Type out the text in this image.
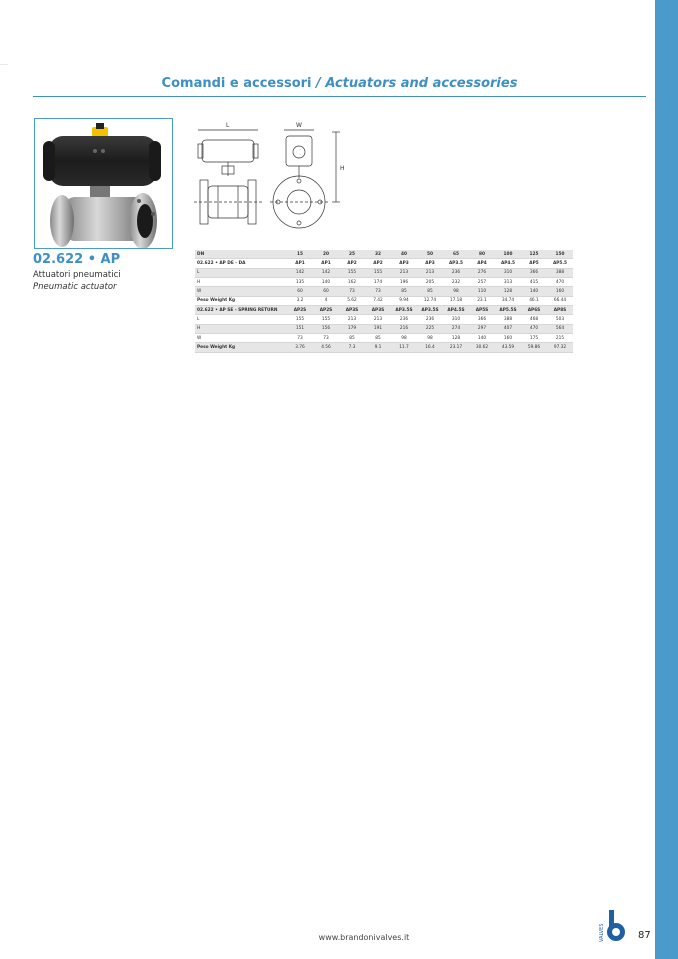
Comandi e accessori / Actuators and accessories
L	W
H
02.622 • AP
Attuatori pneumatici
Pneumatic actuator
DN	15	20	25	32	40	50	65	80	100	125	150
02.622 • AP DE - DA	AP1	AP1	AP2	AP2	AP3	AP3	AP3.5	AP4	AP4.5	AP5	AP5.5
L	142	142	155	155	213	213	236	276	310	366	388
H	135	140	162	174	196	205	232	257	313	415	470
W	60	60	73	73	85	85	98	110	128	140	160
Peso Weight Kg	3.2	4	5.62	7.42	9.94	12.74	17.18	23.1	34.74	46.1	66.44
02.622 • AP SE - SPRING RETURN	AP2S	AP2S	AP3S	AP3S	AP3.5S	AP3.5S	AP4.5S	AP5S	AP5.5S	AP6S	AP8S
L	155	155	213	213	236	236	310	366	388	468	503
H	151	156	179	191	216	225	274	297	407	470	564
W	73	73	85	85	98	98	128	140	160	175	215
Peso Weight Kg	3.76	4.56	7.3	9.1	11.7	16.4	23.17	30.62	43.59	59.86	97.32
www.brandonivalves.it	VALVES	87
